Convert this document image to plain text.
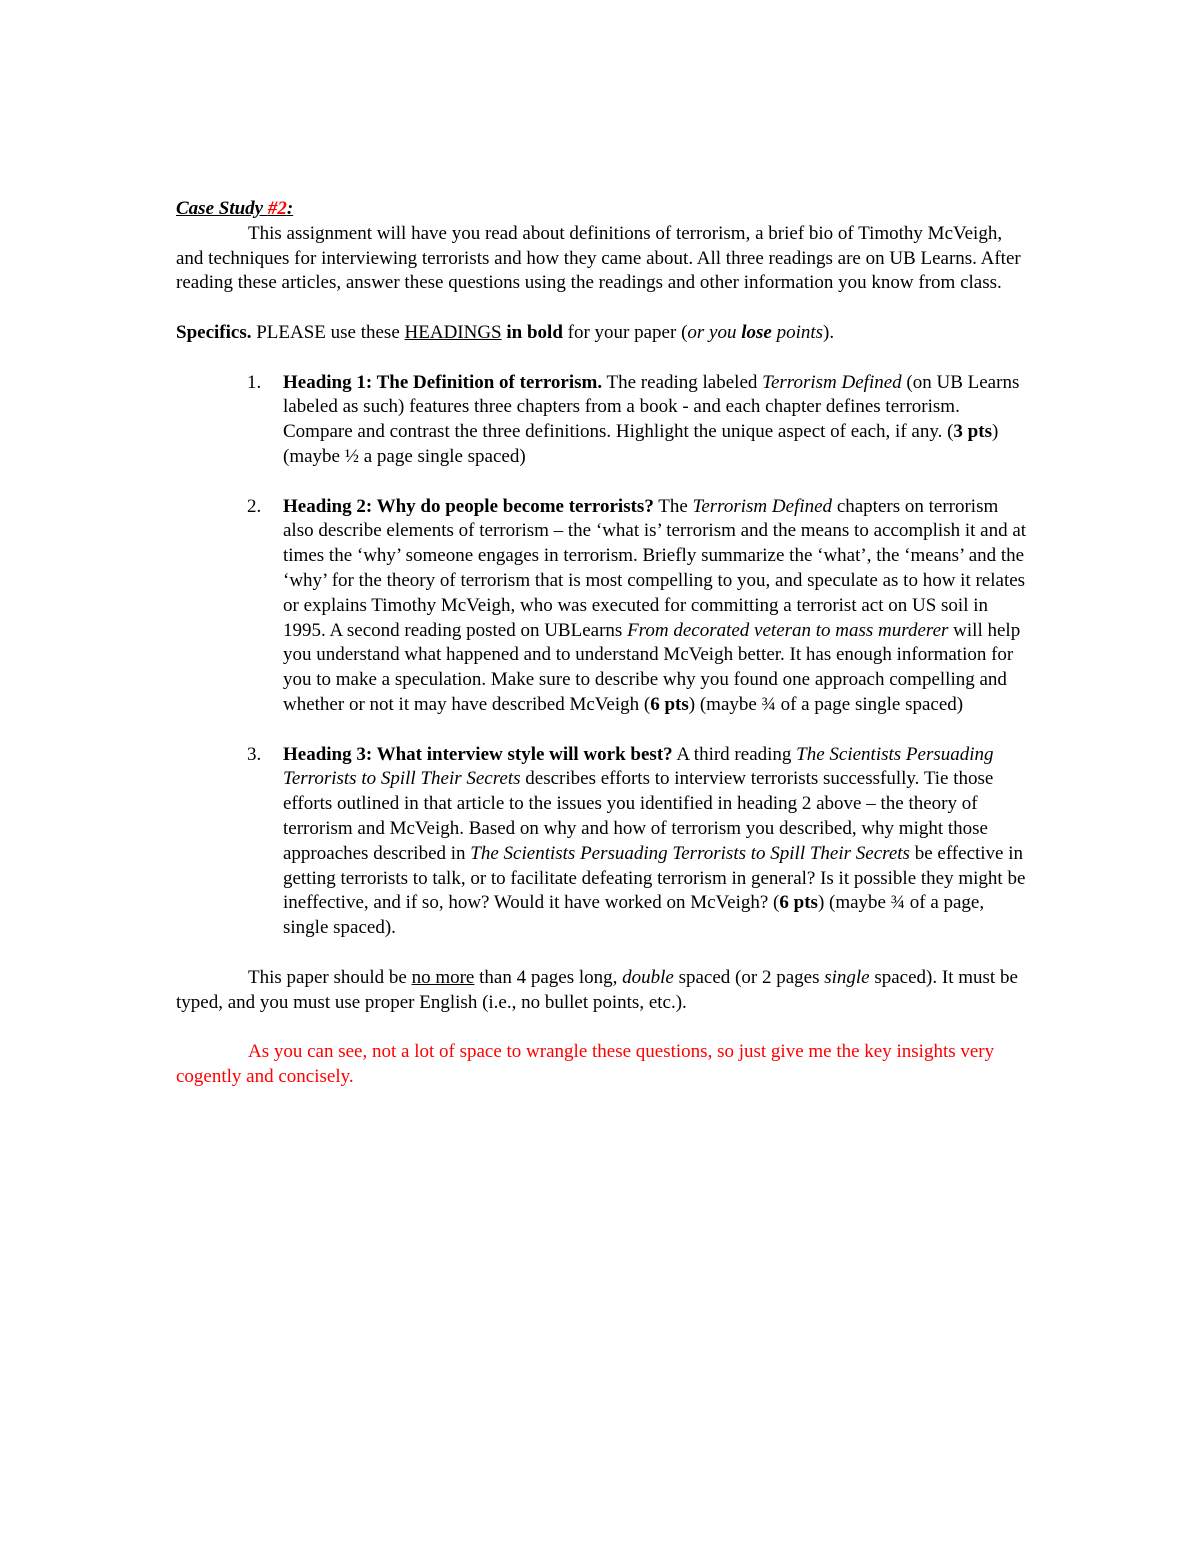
Case Study #2:

This assignment will have you read about definitions of terrorism, a brief bio of Timothy McVeigh, and techniques for interviewing terrorists and how they came about. All three readings are on UB Learns. After reading these articles, answer these questions using the readings and other information you know from class.

Specifics. PLEASE use these HEADINGS in bold for your paper (or you lose points).

1. Heading 1: The Definition of terrorism. The reading labeled Terrorism Defined (on UB Learns labeled as such) features three chapters from a book - and each chapter defines terrorism. Compare and contrast the three definitions. Highlight the unique aspect of each, if any. (3 pts) (maybe ½ a page single spaced)
2. Heading 2: Why do people become terrorists? The Terrorism Defined chapters on terrorism also describe elements of terrorism – the ‘what is’ terrorism and the means to accomplish it and at times the ‘why’ someone engages in terrorism. Briefly summarize the ‘what’, the ‘means’ and the ‘why’ for the theory of terrorism that is most compelling to you, and speculate as to how it relates or explains Timothy McVeigh, who was executed for committing a terrorist act on US soil in 1995. A second reading posted on UBLearns From decorated veteran to mass murderer will help you understand what happened and to understand McVeigh better. It has enough information for you to make a speculation. Make sure to describe why you found one approach compelling and whether or not it may have described McVeigh (6 pts) (maybe ¾ of a page single spaced)
3. Heading 3: What interview style will work best? A third reading The Scientists Persuading Terrorists to Spill Their Secrets describes efforts to interview terrorists successfully. Tie those efforts outlined in that article to the issues you identified in heading 2 above – the theory of terrorism and McVeigh. Based on why and how of terrorism you described, why might those approaches described in The Scientists Persuading Terrorists to Spill Their Secrets be effective in getting terrorists to talk, or to facilitate defeating terrorism in general? Is it possible they might be ineffective, and if so, how? Would it have worked on McVeigh? (6 pts) (maybe ¾ of a page, single spaced).

This paper should be no more than 4 pages long, double spaced (or 2 pages single spaced). It must be typed, and you must use proper English (i.e., no bullet points, etc.).

As you can see, not a lot of space to wrangle these questions, so just give me the key insights very cogently and concisely.
